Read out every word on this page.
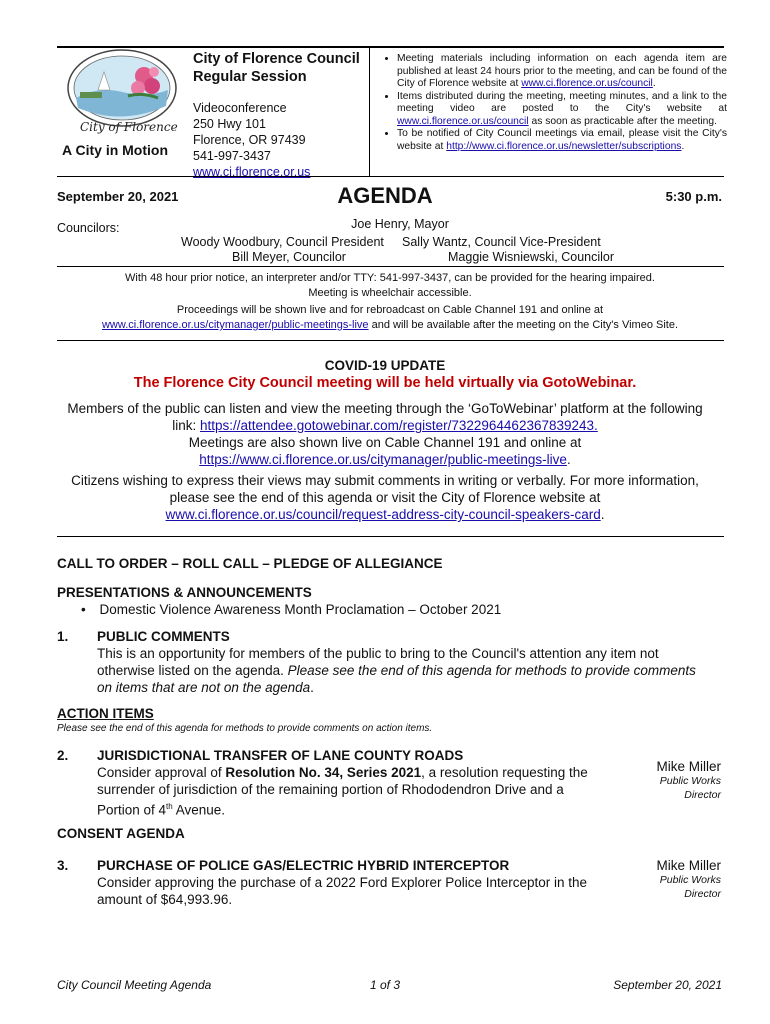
City of Florence
A City in Motion
City of Florence Council
Regular Session
Videoconference
250 Hwy 101
Florence, OR 97439
541-997-3437
www.ci.florence.or.us
• Meeting materials including information on each agenda item are published at least 24 hours prior to the meeting, and can be found of the City of Florence website at www.ci.florence.or.us/council.
• Items distributed during the meeting, meeting minutes, and a link to the meeting video are posted to the City's website at www.ci.florence.or.us/council as soon as practicable after the meeting.
• To be notified of City Council meetings via email, please visit the City's website at http://www.ci.florence.or.us/newsletter/subscriptions.
September 20, 2021	AGENDA	5:30 p.m.
Councilors:	Joe Henry, Mayor
Woody Woodbury, Council President Sally Wantz, Council Vice-President
Bill Meyer, Councilor	Maggie Wisniewski, Councilor
With 48 hour prior notice, an interpreter and/or TTY: 541-997-3437, can be provided for the hearing impaired.
Meeting is wheelchair accessible.
Proceedings will be shown live and for rebroadcast on Cable Channel 191 and online at
www.ci.florence.or.us/citymanager/public-meetings-live and will be available after the meeting on the City's Vimeo Site.
COVID-19 UPDATE
The Florence City Council meeting will be held virtually via GotoWebinar.
Members of the public can listen and view the meeting through the ‘GoToWebinar’ platform at the following
link: https://attendee.gotowebinar.com/register/7322964462367839243.
Meetings are also shown live on Cable Channel 191 and online at
https://www.ci.florence.or.us/citymanager/public-meetings-live.
Citizens wishing to express their views may submit comments in writing or verbally. For more information,
please see the end of this agenda or visit the City of Florence website at
www.ci.florence.or.us/council/request-address-city-council-speakers-card.
CALL TO ORDER – ROLL CALL – PLEDGE OF ALLEGIANCE
PRESENTATIONS & ANNOUNCEMENTS
• Domestic Violence Awareness Month Proclamation – October 2021
1. PUBLIC COMMENTS
This is an opportunity for members of the public to bring to the Council's attention any item not
otherwise listed on the agenda. Please see the end of this agenda for methods to provide comments
on items that are not on the agenda.
ACTION ITEMS
Please see the end of this agenda for methods to provide comments on action items.
2. JURISDICTIONAL TRANSFER OF LANE COUNTY ROADS
Consider approval of Resolution No. 34, Series 2021, a resolution requesting the
surrender of jurisdiction of the remaining portion of Rhododendron Drive and a
Portion of 4th Avenue.
Mike Miller
Public Works
Director
CONSENT AGENDA
3. PURCHASE OF POLICE GAS/ELECTRIC HYBRID INTERCEPTOR
Consider approving the purchase of a 2022 Ford Explorer Police Interceptor in the
amount of $64,993.96.
Mike Miller
Public Works
Director
City Council Meeting Agenda	1 of 3	September 20, 2021
